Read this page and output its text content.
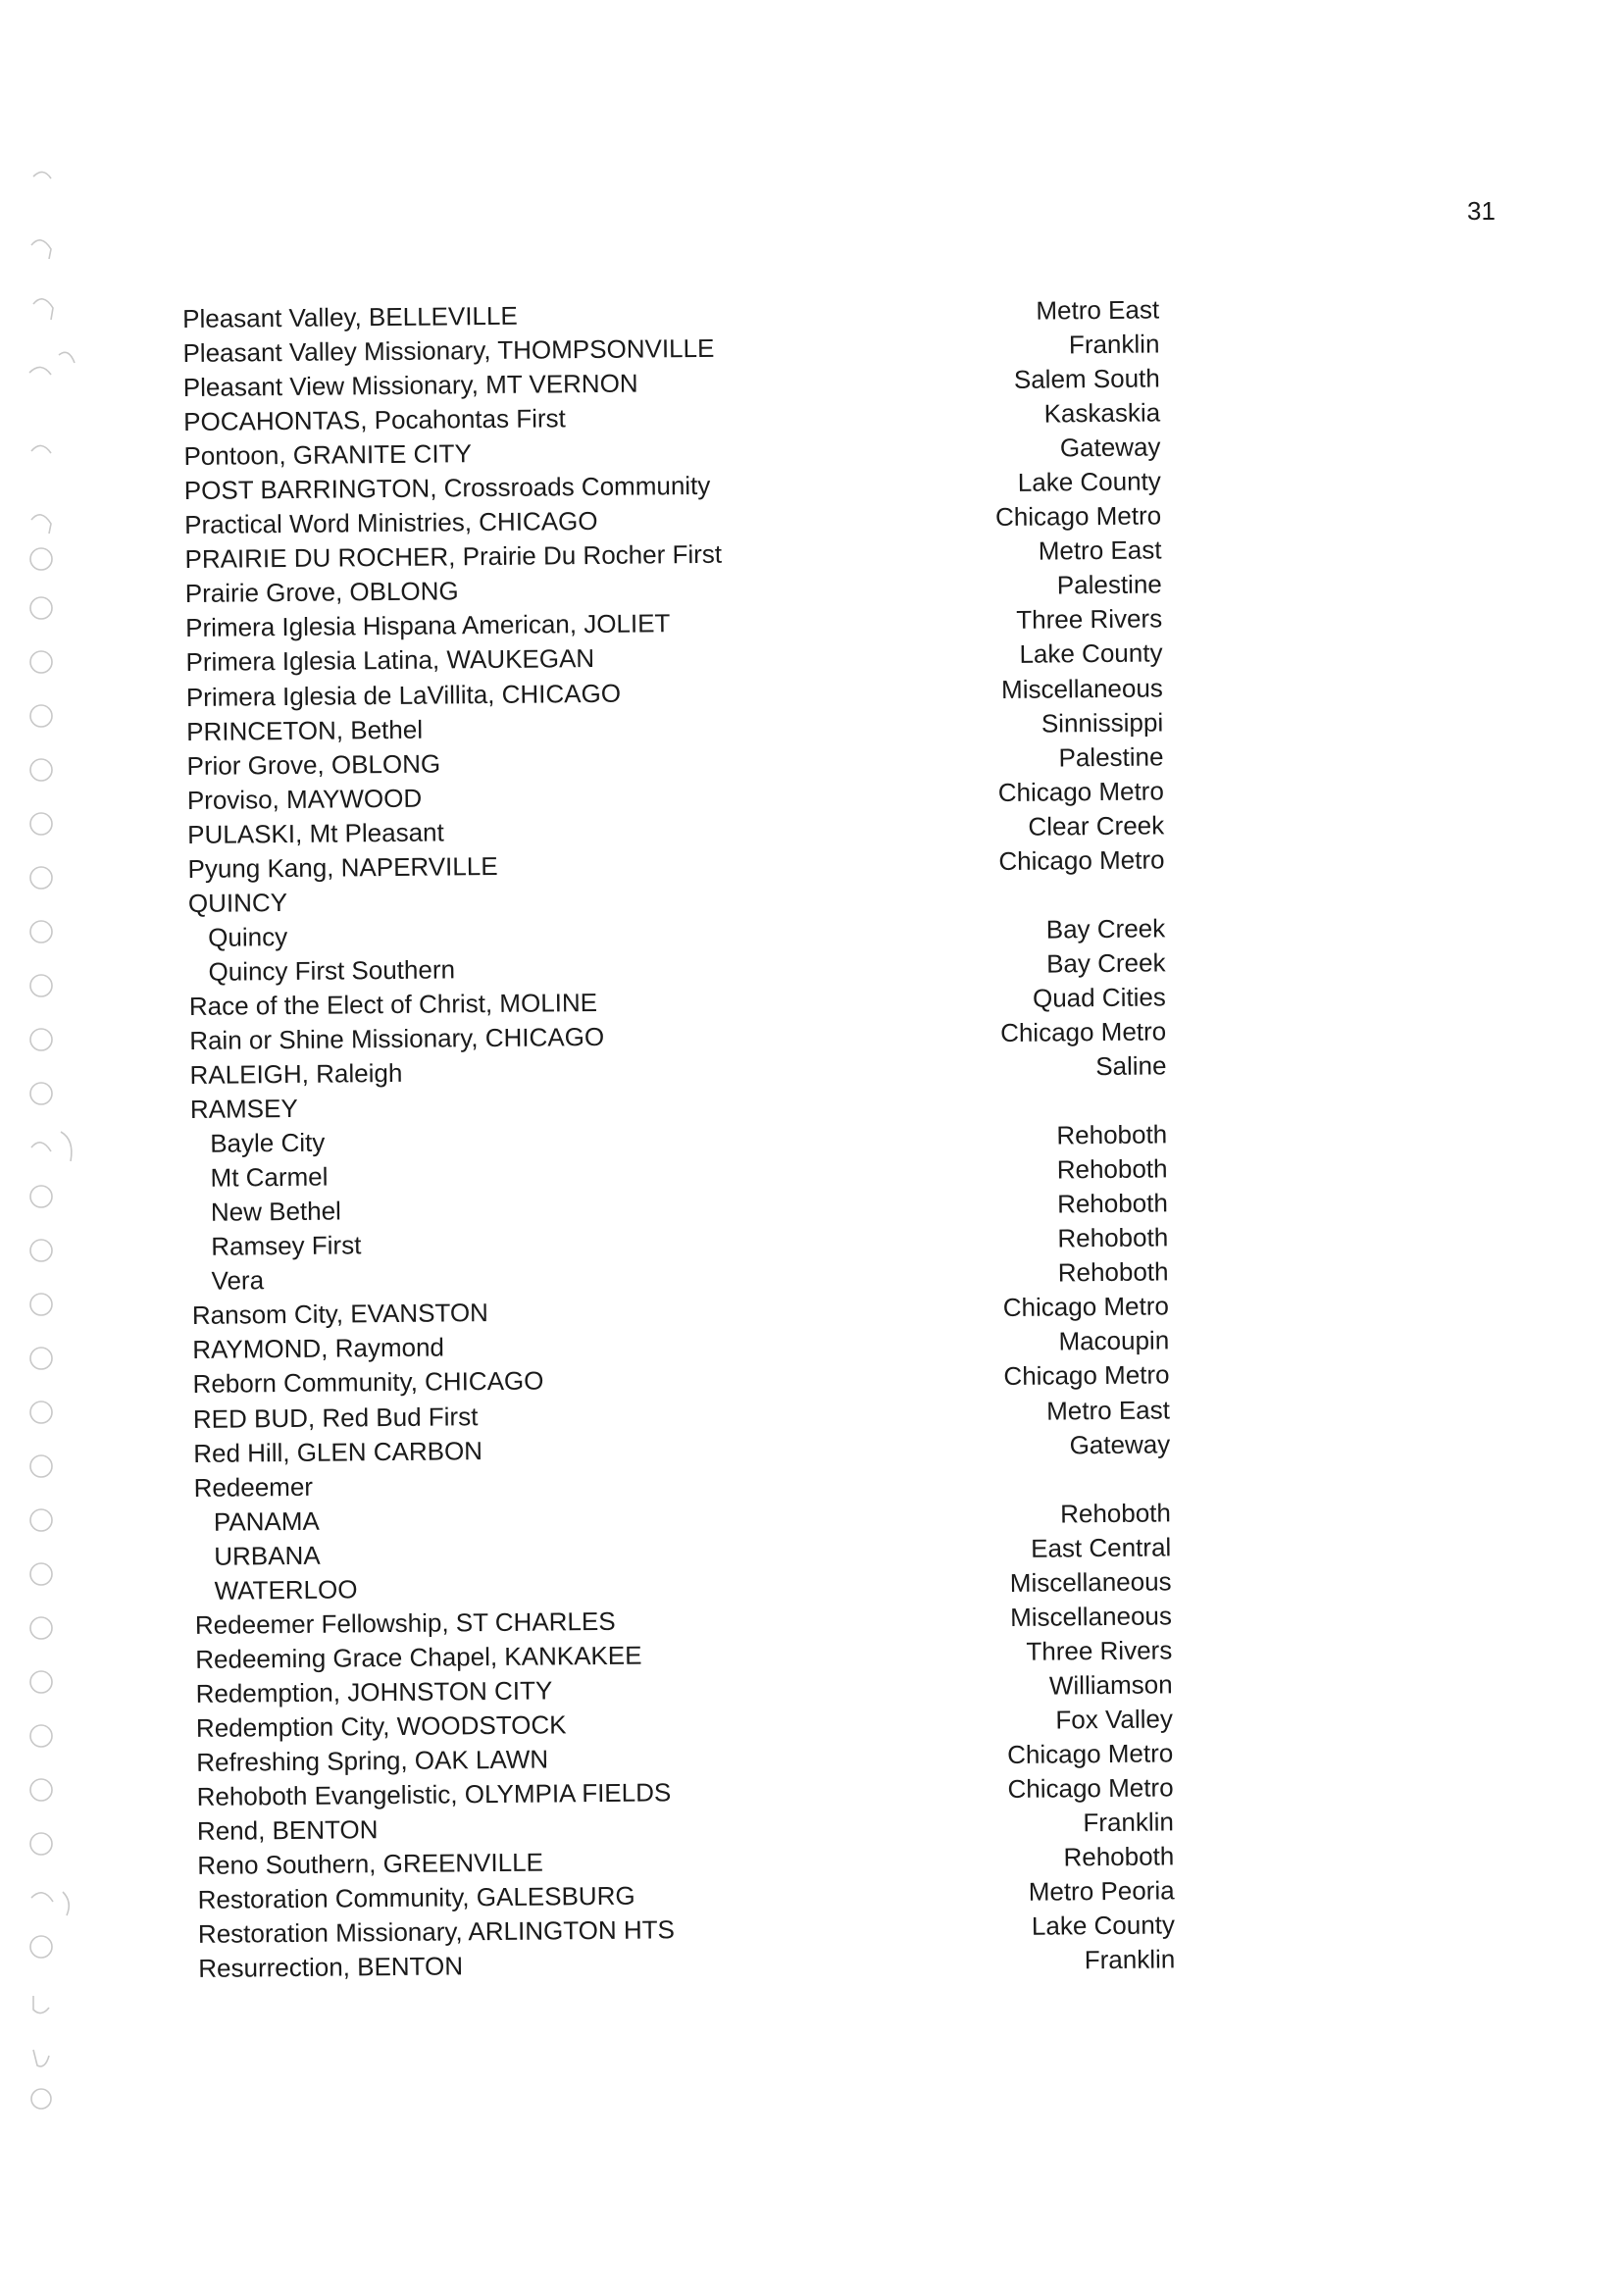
31
Pleasant Valley, BELLEVILLE	Metro East
Pleasant Valley Missionary, THOMPSONVILLE	Franklin
Pleasant View Missionary, MT VERNON	Salem South
POCAHONTAS, Pocahontas First	Kaskaskia
Pontoon, GRANITE CITY	Gateway
POST BARRINGTON, Crossroads Community	Lake County
Practical Word Ministries, CHICAGO	Chicago Metro
PRAIRIE DU ROCHER, Prairie Du Rocher First	Metro East
Prairie Grove, OBLONG	Palestine
Primera Iglesia Hispana American, JOLIET	Three Rivers
Primera Iglesia Latina, WAUKEGAN	Lake County
Primera Iglesia de LaVillita, CHICAGO	Miscellaneous
PRINCETON, Bethel	Sinnissippi
Prior Grove, OBLONG	Palestine
Proviso, MAYWOOD	Chicago Metro
PULASKI, Mt Pleasant	Clear Creek
Pyung Kang, NAPERVILLE	Chicago Metro
QUINCY
Quincy	Bay Creek
Quincy First Southern	Bay Creek
Race of the Elect of Christ, MOLINE	Quad Cities
Rain or Shine Missionary, CHICAGO	Chicago Metro
RALEIGH, Raleigh	Saline
RAMSEY
Bayle City	Rehoboth
Mt Carmel	Rehoboth
New Bethel	Rehoboth
Ramsey First	Rehoboth
Vera	Rehoboth
Ransom City, EVANSTON	Chicago Metro
RAYMOND, Raymond	Macoupin
Reborn Community, CHICAGO	Chicago Metro
RED BUD, Red Bud First	Metro East
Red Hill, GLEN CARBON	Gateway
Redeemer
PANAMA	Rehoboth
URBANA	East Central
WATERLOO	Miscellaneous
Redeemer Fellowship, ST CHARLES	Miscellaneous
Redeeming Grace Chapel, KANKAKEE	Three Rivers
Redemption, JOHNSTON CITY	Williamson
Redemption City, WOODSTOCK	Fox Valley
Refreshing Spring, OAK LAWN	Chicago Metro
Rehoboth Evangelistic, OLYMPIA FIELDS	Chicago Metro
Rend, BENTON	Franklin
Reno Southern, GREENVILLE	Rehoboth
Restoration Community, GALESBURG	Metro Peoria
Restoration Missionary, ARLINGTON HTS	Lake County
Resurrection, BENTON	Franklin
